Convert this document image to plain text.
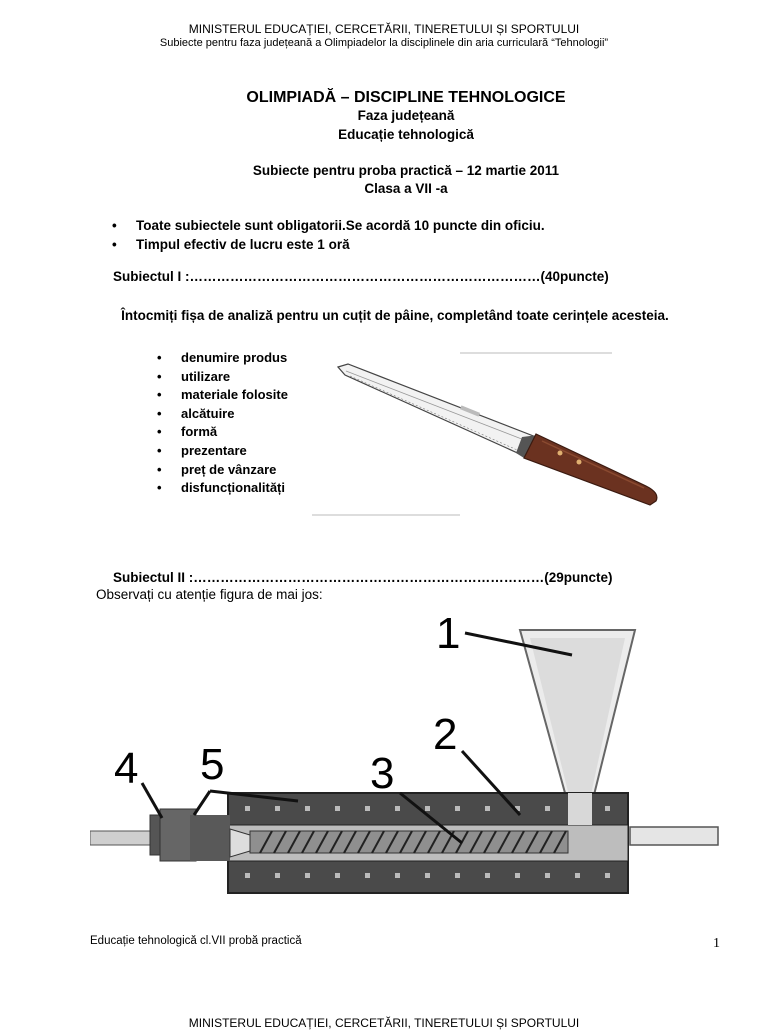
MINISTERUL EDUCAȚIEI, CERCETĂRII, TINERETULUI ȘI SPORTULUI
Subiecte pentru faza județeană a Olimpiadelor la disciplinele din aria curriculară “Tehnologii”
OLIMPIADĂ – DISCIPLINE TEHNOLOGICE
Faza județeană
Educație tehnologică
Subiecte pentru proba practică – 12 martie 2011
Clasa a VII -a
• Toate subiectele sunt obligatorii.Se acordă 10 puncte din oficiu.
• Timpul efectiv de lucru este 1 oră
Subiectul I :……………………………………………………………………(40puncte)
Întocmiți fișa de analiză pentru un cuțit de pâine, completând toate cerințele acesteia.
• denumire produs
• utilizare
• materiale folosite
• alcătuire
• formă
• prezentare
• preț de vânzare
• disfuncționalități
Subiectul II :……………………………………………………………………(29puncte)
Observați cu atenție figura de mai jos:
1
2
3
4 5
Educație tehnologică cl.VII probă practică	1
MINISTERUL EDUCAȚIEI, CERCETĂRII, TINERETULUI ȘI SPORTULUI
